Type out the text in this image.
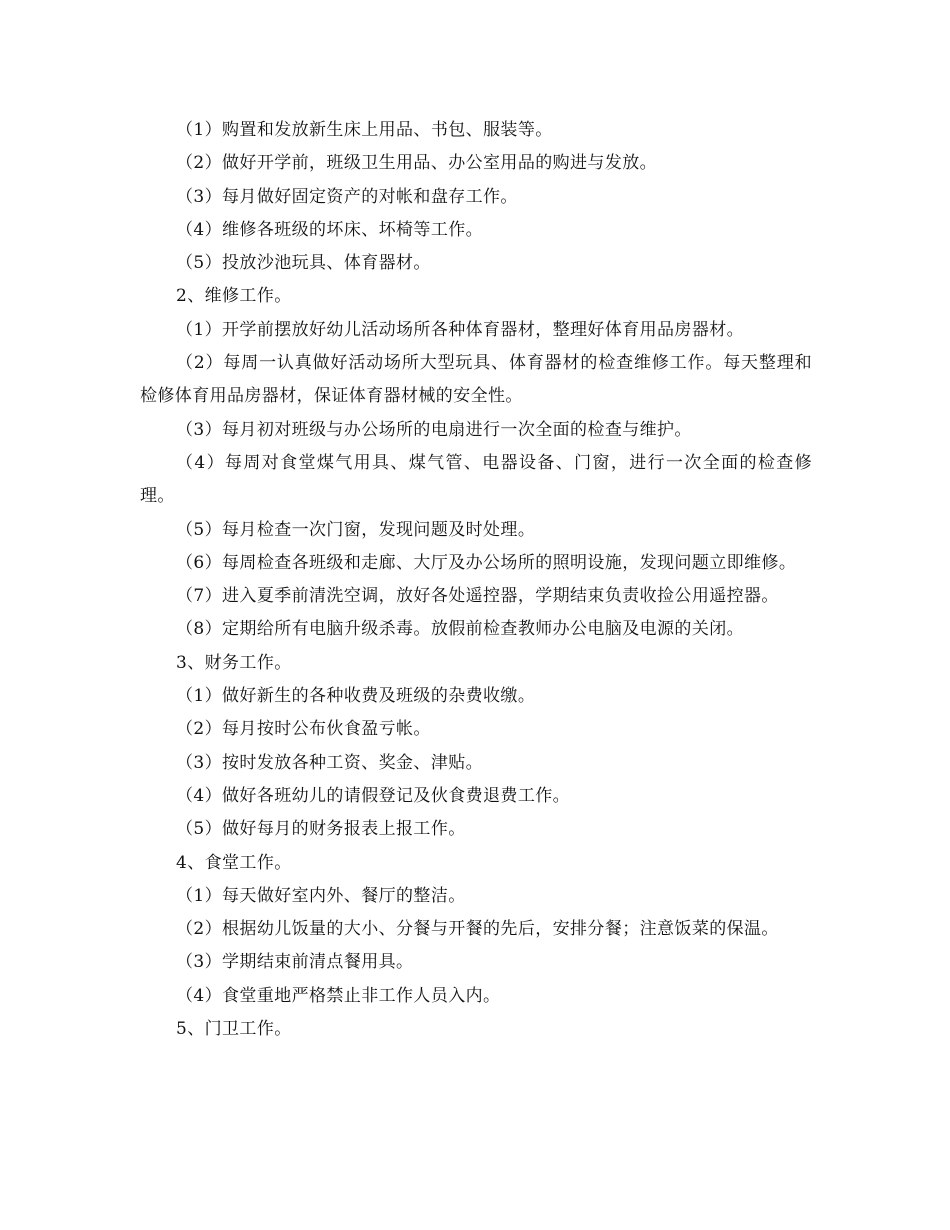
（1）购置和发放新生床上用品、书包、服装等。

（2）做好开学前，班级卫生用品、办公室用品的购进与发放。

（3）每月做好固定资产的对帐和盘存工作。

（4）维修各班级的坏床、坏椅等工作。

（5）投放沙池玩具、体育器材。

2、维修工作。

（1）开学前摆放好幼儿活动场所各种体育器材，整理好体育用品房器材。

（2）每周一认真做好活动场所大型玩具、体育器材的检查维修工作。每天整理和检修体育用品房器材，保证体育器材械的安全性。

（3）每月初对班级与办公场所的电扇进行一次全面的检查与维护。

（4）每周对食堂煤气用具、煤气管、电器设备、门窗，进行一次全面的检查修理。

（5）每月检查一次门窗，发现问题及时处理。

（6）每周检查各班级和走廊、大厅及办公场所的照明设施，发现问题立即维修。

（7）进入夏季前清洗空调，放好各处遥控器，学期结束负责收捡公用遥控器。

（8）定期给所有电脑升级杀毒。放假前检查教师办公电脑及电源的关闭。

3、财务工作。

（1）做好新生的各种收费及班级的杂费收缴。

（2）每月按时公布伙食盈亏帐。

（3）按时发放各种工资、奖金、津贴。

（4）做好各班幼儿的请假登记及伙食费退费工作。

（5）做好每月的财务报表上报工作。

4、食堂工作。

（1）每天做好室内外、餐厅的整洁。

（2）根据幼儿饭量的大小、分餐与开餐的先后，安排分餐；注意饭菜的保温。

（3）学期结束前清点餐用具。

（4）食堂重地严格禁止非工作人员入内。

5、门卫工作。
